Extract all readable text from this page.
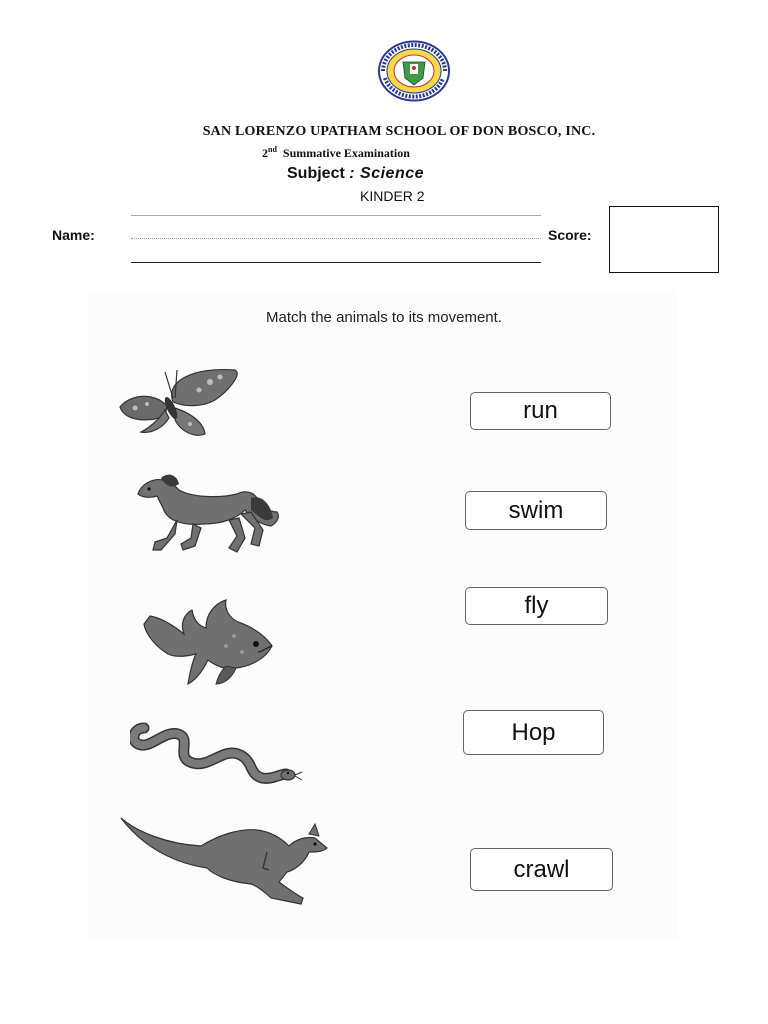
SAN LORENZO UPATHAM SCHOOL OF DON BOSCO, INC.
2nd Summative Examination
Subject : Science
KINDER 2
Name:	Score:
Match the animals to its movement.
run
swim
fly
Hop
crawl
